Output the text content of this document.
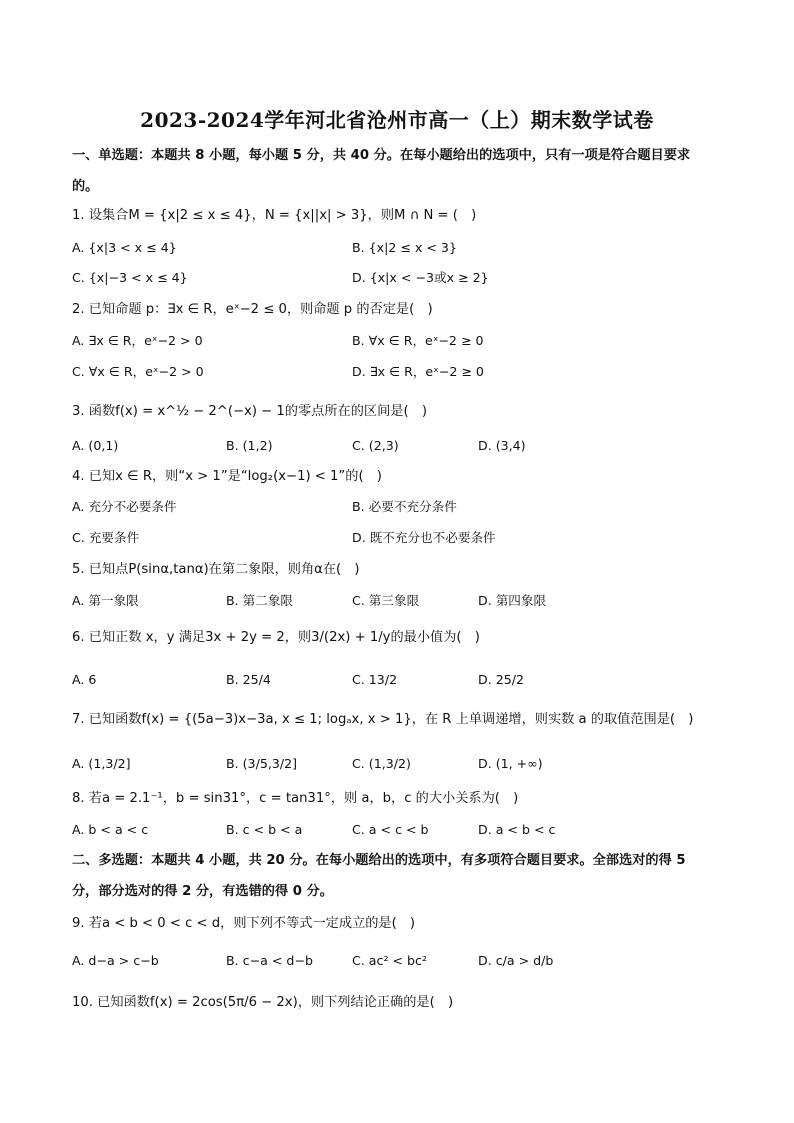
2023-2024学年河北省沧州市高一（上）期末数学试卷
一、单选题：本题共 8 小题，每小题 5 分，共 40 分。在每小题给出的选项中，只有一项是符合题目要求
的。
1. 设集合M = {x|2 ≤ x ≤ 4}，N = {x||x| > 3}，则M ∩ N = (　)
A. {x|3 < x ≤ 4}	B. {x|2 ≤ x < 3}
C. {x|−3 < x ≤ 4}	D. {x|x < −3或x ≥ 2}
2. 已知命题 p：∃x ∈ R，eˣ−2 ≤ 0，则命题 p 的否定是(　)
A. ∃x ∈ R，eˣ−2 > 0	B. ∀x ∈ R，eˣ−2 ≥ 0
C. ∀x ∈ R，eˣ−2 > 0	D. ∃x ∈ R，eˣ−2 ≥ 0
3. 函数f(x) = x^½ − 2^(−x) − 1的零点所在的区间是(　)
A. (0,1)	B. (1,2)	C. (2,3)	D. (3,4)
4. 已知x ∈ R，则“x > 1”是“log₂(x−1) < 1”的(　)
A. 充分不必要条件	B. 必要不充分条件
C. 充要条件	D. 既不充分也不必要条件
5. 已知点P(sinα,tanα)在第二象限，则角α在(　)
A. 第一象限	B. 第二象限	C. 第三象限	D. 第四象限
6. 已知正数 x，y 满足3x + 2y = 2，则3/(2x) + 1/y的最小值为(　)
A. 6	B. 25/4	C. 13/2	D. 25/2
7. 已知函数f(x) = {(5a−3)x−3a, x ≤ 1; logₐx, x > 1}，在 R 上单调递增，则实数 a 的取值范围是(　)
A. (1,3/2]	B. (3/5,3/2]	C. (1,3/2)	D. (1, +∞)
8. 若a = 2.1⁻¹，b = sin31°，c = tan31°，则 a，b，c 的大小关系为(　)
A. b < a < c	B. c < b < a	C. a < c < b	D. a < b < c
二、多选题：本题共 4 小题，共 20 分。在每小题给出的选项中，有多项符合题目要求。全部选对的得 5
分，部分选对的得 2 分，有选错的得 0 分。
9. 若a < b < 0 < c < d，则下列不等式一定成立的是(　)
A. d−a > c−b	B. c−a < d−b	C. ac² < bc²	D. c/a > d/b
10. 已知函数f(x) = 2cos(5π/6 − 2x)，则下列结论正确的是(　)
